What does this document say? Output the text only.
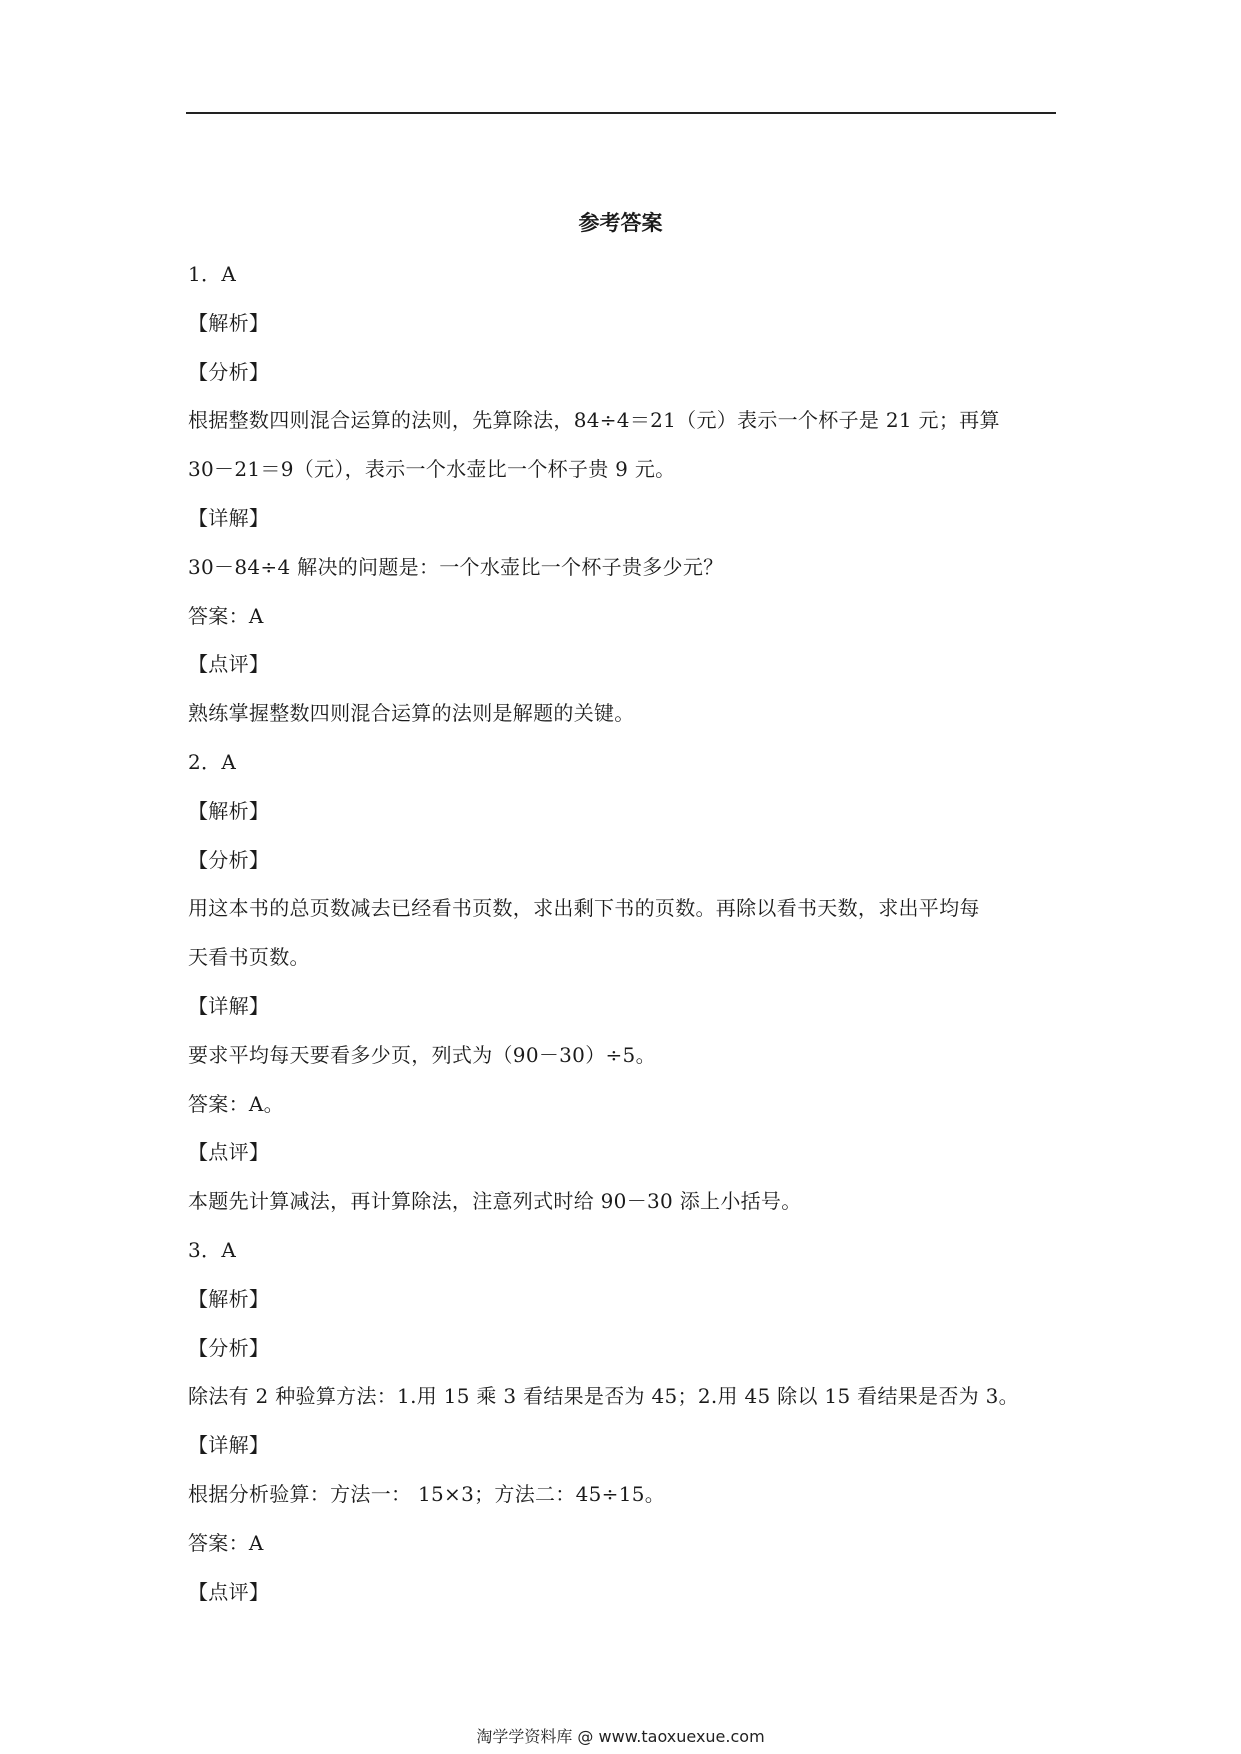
参考答案
1．A
【解析】
【分析】
根据整数四则混合运算的法则，先算除法，84÷4＝21（元）表示一个杯子是 21 元；再算
30－21＝9（元），表示一个水壶比一个杯子贵 9 元。
【详解】
30－84÷4 解决的问题是：一个水壶比一个杯子贵多少元？
答案：A
【点评】
熟练掌握整数四则混合运算的法则是解题的关键。
2．A
【解析】
【分析】
用这本书的总页数减去已经看书页数，求出剩下书的页数。再除以看书天数，求出平均每
天看书页数。
【详解】
要求平均每天要看多少页，列式为（90－30）÷5。
答案：A。
【点评】
本题先计算减法，再计算除法，注意列式时给 90－30 添上小括号。
3．A
【解析】
【分析】
除法有 2 种验算方法：1.用 15 乘 3 看结果是否为 45；2.用 45 除以 15 看结果是否为 3。
【详解】
根据分析验算：方法一： 15×3；方法二：45÷15。
答案：A
【点评】
淘学学资料库 @ www.taoxuexue.com
